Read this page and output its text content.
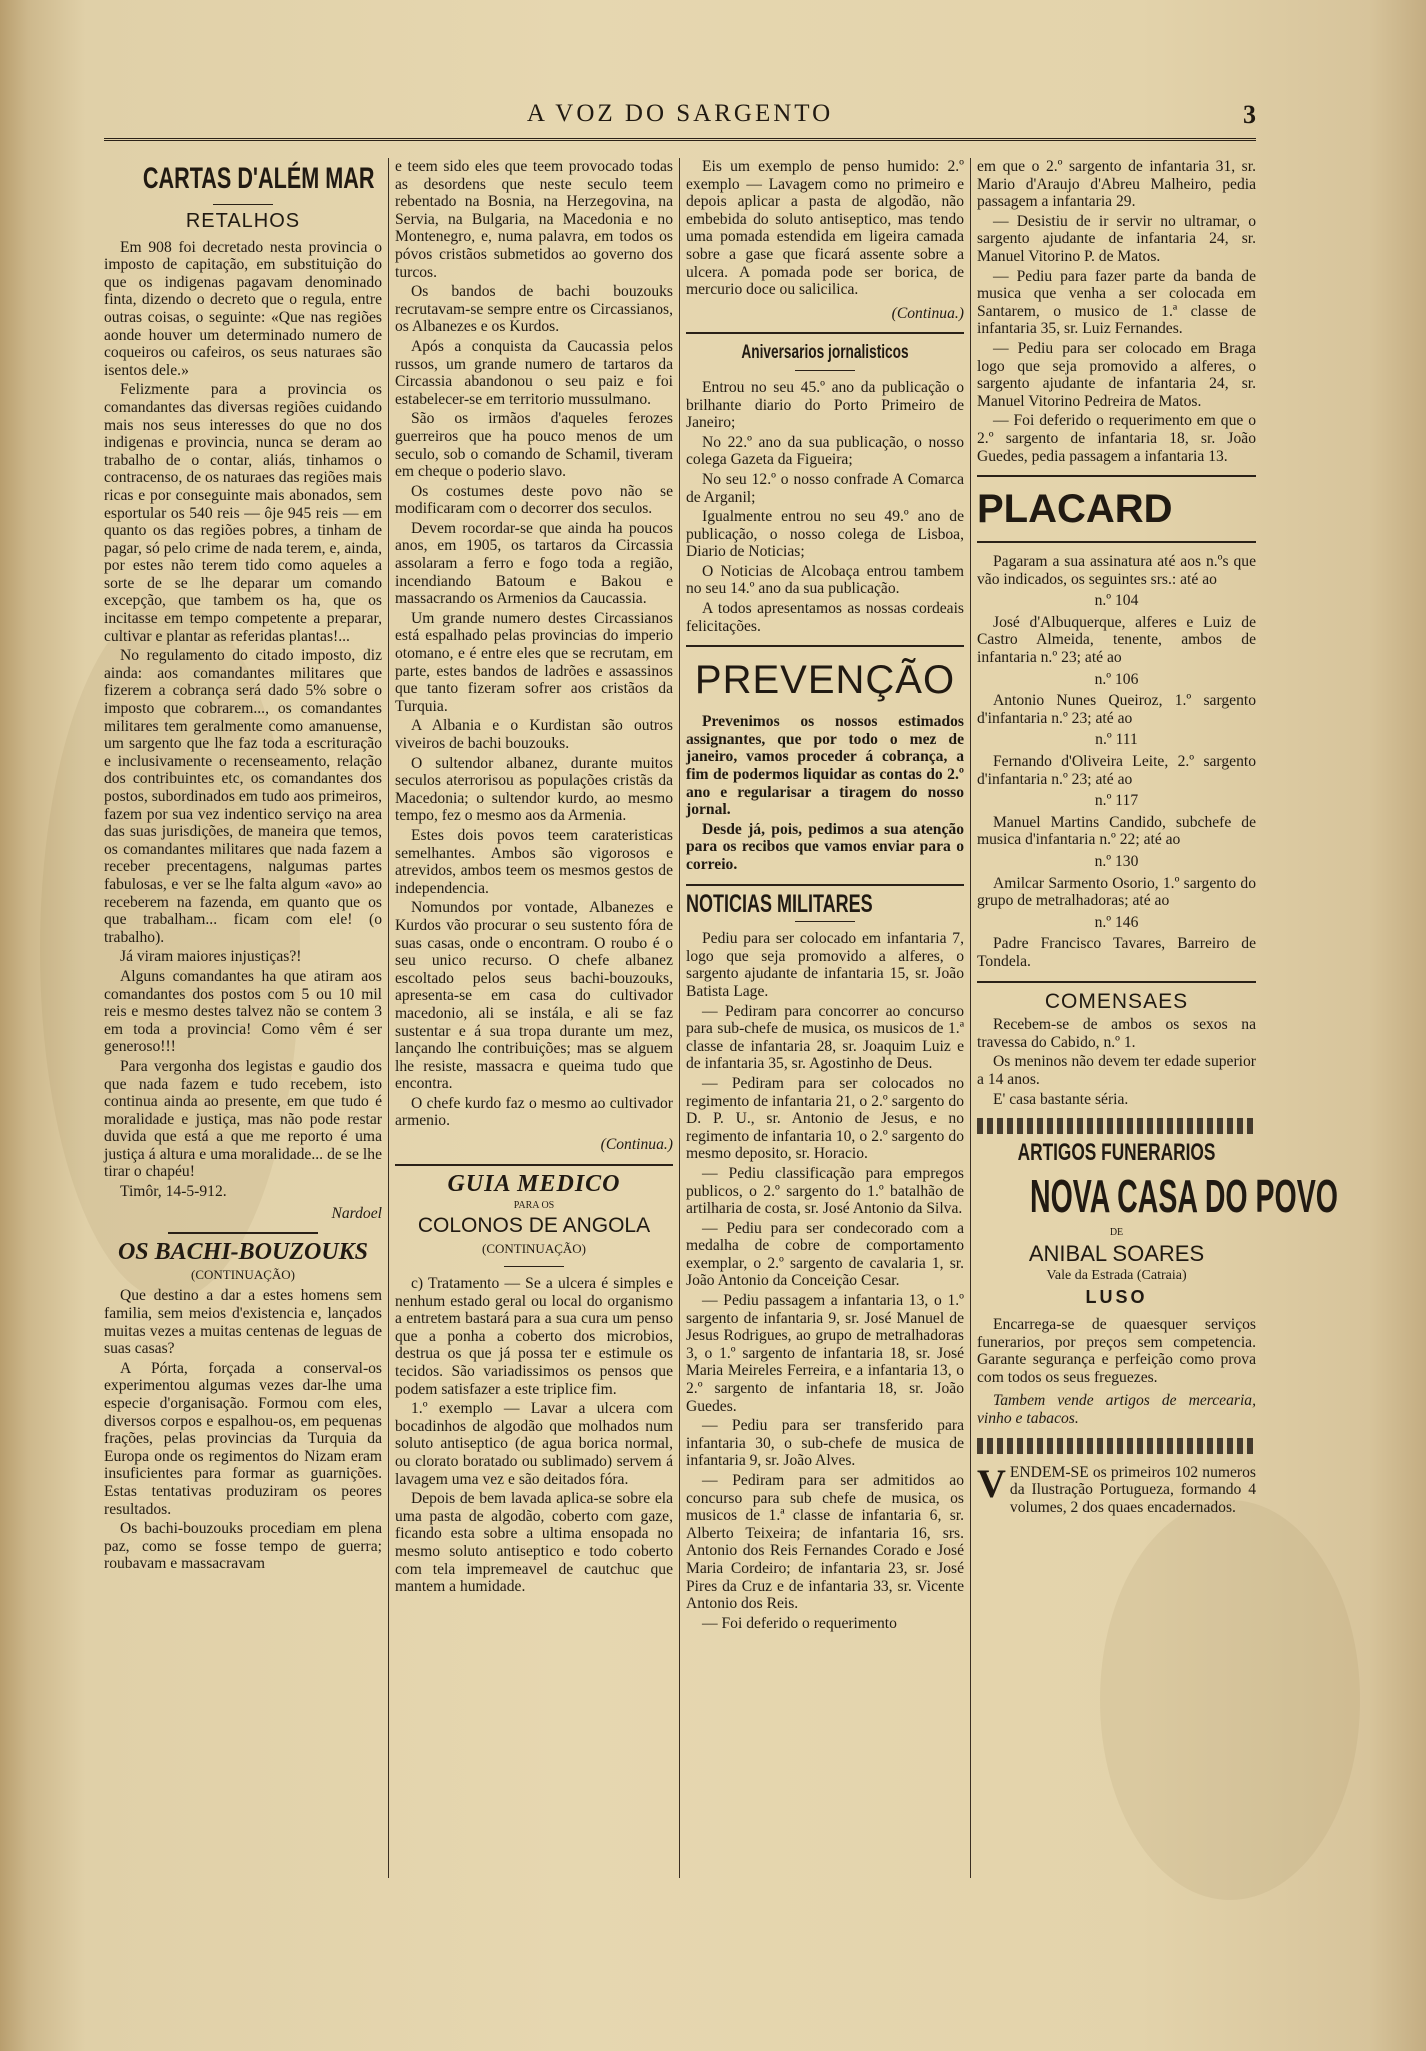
A VOZ DO SARGENTO	3
CARTAS D'ALÉM MAR
RETALHOS

Em 908 foi decretado nesta provincia o imposto de capitação, em substituição do que os indigenas pagavam denominado finta, dizendo o decreto que o regula, entre outras coisas, o seguinte: «Que nas regiões aonde houver um determinado numero de coqueiros ou cafeiros, os seus naturaes são isentos dele.»

Felizmente para a provincia os comandantes das diversas regiões cuidando mais nos seus interesses do que no dos indigenas e provincia, nunca se deram ao trabalho de o contar, aliás, tinhamos o contracenso, de os naturaes das regiões mais ricas e por conseguinte mais abonados, sem esportular os 540 reis — ôje 945 reis — em quanto os das regiões pobres, a tinham de pagar, só pelo crime de nada terem, e, ainda, por estes não terem tido como aqueles a sorte de se lhe deparar um comando excepção, que tambem os ha, que os incitasse em tempo competente a preparar, cultivar e plantar as referidas plantas!...

No regulamento do citado imposto, diz ainda: aos comandantes militares que fizerem a cobrança será dado 5% sobre o imposto que cobrarem..., os comandantes militares tem geralmente como amanuense, um sargento que lhe faz toda a escrituração e inclusivamente o recenseamento, relação dos contribuintes etc, os comandantes dos postos, subordinados em tudo aos primeiros, fazem por sua vez indentico serviço na area das suas jurisdições, de maneira que temos, os comandantes militares que nada fazem a receber precentagens, nalgumas partes fabulosas, e ver se lhe falta algum «avo» ao receberem na fazenda, em quanto que os que trabalham... ficam com ele! (o trabalho).

Já viram maiores injustiças?!

Alguns comandantes ha que atiram aos comandantes dos postos com 5 ou 10 mil reis e mesmo destes talvez não se contem 3 em toda a provincia! Como vêm é ser generoso!!!

Para vergonha dos legistas e gaudio dos que nada fazem e tudo recebem, isto continua ainda ao presente, em que tudo é moralidade e justiça, mas não pode restar duvida que está a que me reporto é uma justiça á altura e uma moralidade... de se lhe tirar o chapéu!

Timôr, 14-5-912.

Nardoel
OS BACHI-BOUZOUKS
(CONTINUAÇÃO)

Que destino a dar a estes homens sem familia, sem meios d'existencia e, lançados muitas vezes a muitas centenas de leguas de suas casas?

A Pórta, forçada a conserval-os experimentou algumas vezes dar-lhe uma especie d'organisação. Formou com eles, diversos corpos e espalhou-os, em pequenas frações, pelas provincias da Turquia da Europa onde os regimentos do Nizam eram insuficientes para formar as guarnições. Estas tentativas produziram os peores resultados.

Os bachi-bouzouks procediam em plena paz, como se fosse tempo de guerra; roubavam e massacravam

e teem sido eles que teem provocado todas as desordens que neste seculo teem rebentado na Bosnia, na Herzegovina, na Servia, na Bulgaria, na Macedonia e no Montenegro, e, numa palavra, em todos os póvos cristãos submetidos ao governo dos turcos.

Os bandos de bachi bouzouks recrutavam-se sempre entre os Circassianos, os Albanezes e os Kurdos.

Após a conquista da Caucassia pelos russos, um grande numero de tartaros da Circassia abandonou o seu paiz e foi estabelecer-se em territorio mussulmano.

São os irmãos d'aqueles ferozes guerreiros que ha pouco menos de um seculo, sob o comando de Schamil, tiveram em cheque o poderio slavo.

Os costumes deste povo não se modificaram com o decorrer dos seculos.

Devem rocordar-se que ainda ha poucos anos, em 1905, os tartaros da Circassia assolaram a ferro e fogo toda a região, incendiando Batoum e Bakou e massacrando os Armenios da Caucassia.

Um grande numero destes Circassianos está espalhado pelas provincias do imperio otomano, e é entre eles que se recrutam, em parte, estes bandos de ladrões e assassinos que tanto fizeram sofrer aos cristãos da Turquia.

A Albania e o Kurdistan são outros viveiros de bachi bouzouks.

O sultendor albanez, durante muitos seculos aterrorisou as populações cristãs da Macedonia; o sultendor kurdo, ao mesmo tempo, fez o mesmo aos da Armenia.

Estes dois povos teem carateristicas semelhantes. Ambos são vigorosos e atrevidos, ambos teem os mesmos gestos de independencia.

Nomundos por vontade, Albanezes e Kurdos vão procurar o seu sustento fóra de suas casas, onde o encontram. O roubo é o seu unico recurso. O chefe albanez escoltado pelos seus bachi-bouzouks, apresenta-se em casa do cultivador macedonio, ali se instála, e ali se faz sustentar e á sua tropa durante um mez, lançando lhe contribuições; mas se alguem lhe resiste, massacra e queima tudo que encontra.

O chefe kurdo faz o mesmo ao cultivador armenio.

(Continua.)
GUIA MEDICO
PARA OS
COLONOS DE ANGOLA
(CONTINUAÇÃO)

c) Tratamento — Se a ulcera é simples e nenhum estado geral ou local do organismo a entretem bastará para a sua cura um penso que a ponha a coberto dos microbios, destrua os que já possa ter e estimule os tecidos. São variadissimos os pensos que podem satisfazer a este triplice fim.

1.º exemplo — Lavar a ulcera com bocadinhos de algodão que molhados num soluto antiseptico (de agua borica normal, ou clorato boratado ou sublimado) servem á lavagem uma vez e são deitados fóra.

Depois de bem lavada aplica-se sobre ela uma pasta de algodão, coberto com gaze, ficando esta sobre a ultima ensopada no mesmo soluto antiseptico e todo coberto com tela impremeavel de cautchuc que mantem a humidade.

Eis um exemplo de penso humido: 2.º exemplo — Lavagem como no primeiro e depois aplicar a pasta de algodão, não embebida do soluto antiseptico, mas tendo uma pomada estendida em ligeira camada sobre a gase que ficará assente sobre a ulcera. A pomada pode ser borica, de mercurio doce ou salicilica.

(Continua.)
Aniversarios jornalisticos

Entrou no seu 45.º ano da publicação o brilhante diario do Porto Primeiro de Janeiro;

No 22.º ano da sua publicação, o nosso colega Gazeta da Figueira;

No seu 12.º o nosso confrade A Comarca de Arganil;

Igualmente entrou no seu 49.º ano de publicação, o nosso colega de Lisboa, Diario de Noticias;

O Noticias de Alcobaça entrou tambem no seu 14.º ano da sua publicação.

A todos apresentamos as nossas cordeais felicitações.

PREVENÇÃO

Prevenimos os nossos estimados assignantes, que por todo o mez de janeiro, vamos proceder á cobrança, a fim de podermos liquidar as contas do 2.º ano e regularisar a tiragem do nosso jornal.

Desde já, pois, pedimos a sua atenção para os recibos que vamos enviar para o correio.

NOTICIAS MILITARES

Pediu para ser colocado em infantaria 7, logo que seja promovido a alferes, o sargento ajudante de infantaria 15, sr. João Batista Lage.

— Pediram para concorrer ao concurso para sub-chefe de musica, os musicos de 1.ª classe de infantaria 28, sr. Joaquim Luiz e de infantaria 35, sr. Agostinho de Deus.

— Pediram para ser colocados no regimento de infantaria 21, o 2.º sargento do D. P. U., sr. Antonio de Jesus, e no regimento de infantaria 10, o 2.º sargento do mesmo deposito, sr. Horacio.

— Pediu classificação para empregos publicos, o 2.º sargento do 1.º batalhão de artilharia de costa, sr. José Antonio da Silva.

— Pediu para ser condecorado com a medalha de cobre de comportamento exemplar, o 2.º sargento de cavalaria 1, sr. João Antonio da Conceição Cesar.

— Pediu passagem a infantaria 13, o 1.º sargento de infantaria 9, sr. José Manuel de Jesus Rodrigues, ao grupo de metralhadoras 3, o 1.º sargento de infantaria 18, sr. José Maria Meireles Ferreira, e a infantaria 13, o 2.º sargento de infantaria 18, sr. João Guedes.

— Pediu para ser transferido para infantaria 30, o sub-chefe de musica de infantaria 9, sr. João Alves.

— Pediram para ser admitidos ao concurso para sub chefe de musica, os musicos de 1.ª classe de infantaria 6, sr. Alberto Teixeira; de infantaria 16, srs. Antonio dos Reis Fernandes Corado e José Maria Cordeiro; de infantaria 23, sr. José Pires da Cruz e de infantaria 33, sr. Vicente Antonio dos Reis.

— Foi deferido o requerimento

em que o 2.º sargento de infantaria 31, sr. Mario d'Araujo d'Abreu Malheiro, pedia passagem a infantaria 29.

— Desistiu de ir servir no ultramar, o sargento ajudante de infantaria 24, sr. Manuel Vitorino P. de Matos.

— Pediu para fazer parte da banda de musica que venha a ser colocada em Santarem, o musico de 1.ª classe de infantaria 35, sr. Luiz Fernandes.

— Pediu para ser colocado em Braga logo que seja promovido a alferes, o sargento ajudante de infantaria 24, sr. Manuel Vitorino Pedreira de Matos.

— Foi deferido o requerimento em que o 2.º sargento de infantaria 18, sr. João Guedes, pedia passagem a infantaria 13.

PLACARD

Pagaram a sua assinatura até aos n.ºs que vão indicados, os seguintes srs.: até ao

n.º 104

José d'Albuquerque, alferes e Luiz de Castro Almeida, tenente, ambos de infantaria n.º 23; até ao

n.º 106

Antonio Nunes Queiroz, 1.º sargento d'infantaria n.º 23; até ao

n.º 111

Fernando d'Oliveira Leite, 2.º sargento d'infantaria n.º 23; até ao

n.º 117

Manuel Martins Candido, subchefe de musica d'infantaria n.º 22; até ao

n.º 130

Amilcar Sarmento Osorio, 1.º sargento do grupo de metralhadoras; até ao

n.º 146

Padre Francisco Tavares, Barreiro de Tondela.

COMENSAES

Recebem-se de ambos os sexos na travessa do Cabido, n.º 1.

Os meninos não devem ter edade superior a 14 anos.

E' casa bastante séria.

ARTIGOS FUNERARIOS
NOVA CASA DO POVO
DE
ANIBAL SOARES
Vale da Estrada (Catraia)
LUSO

Encarrega-se de quaesquer serviços funerarios, por preços sem competencia. Garante segurança e perfeição como prova com todos os seus freguezes.

Tambem vende artigos de mercearia, vinho e tabacos.

VENDEM-SE os primeiros 102 numeros da Ilustração Portugueza, formando 4 volumes, 2 dos quaes encadernados.
